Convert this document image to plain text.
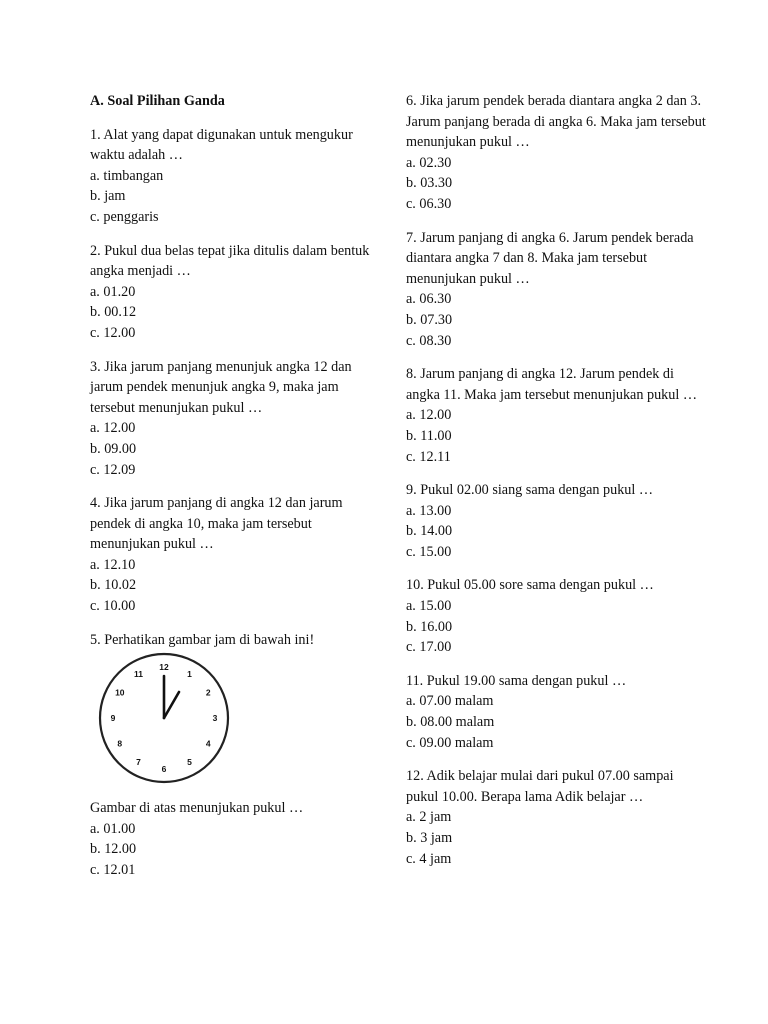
A. Soal Pilihan Ganda
1. Alat yang dapat digunakan untuk mengukur waktu adalah …
a. timbangan
b. jam
c. penggaris
2. Pukul dua belas tepat jika ditulis dalam bentuk angka menjadi …
a. 01.20
b. 00.12
c. 12.00
3. Jika jarum panjang menunjuk angka 12 dan jarum pendek menunjuk angka 9, maka jam tersebut menunjukan pukul …
a. 12.00
b. 09.00
c. 12.09
4. Jika jarum panjang di angka 12 dan jarum pendek di angka 10, maka jam tersebut menunjukan pukul …
a. 12.10
b. 10.02
c. 10.00
5. Perhatikan gambar jam di bawah ini!
12
1
2
3
4
5
6
7
8
9
10
11
Gambar di atas menunjukan pukul …
a. 01.00
b. 12.00
c. 12.01
6. Jika jarum pendek berada diantara angka 2 dan 3. Jarum panjang berada di angka 6. Maka jam tersebut menunjukan pukul …
a. 02.30
b. 03.30
c. 06.30
7. Jarum panjang di angka 6. Jarum pendek berada diantara angka 7 dan 8. Maka jam tersebut menunjukan pukul …
a. 06.30
b. 07.30
c. 08.30
8. Jarum panjang di angka 12. Jarum pendek di angka 11. Maka jam tersebut menunjukan pukul …
a. 12.00
b. 11.00
c. 12.11
9. Pukul 02.00 siang sama dengan pukul …
a. 13.00
b. 14.00
c. 15.00
10. Pukul 05.00 sore sama dengan pukul …
a. 15.00
b. 16.00
c. 17.00
11. Pukul 19.00 sama dengan pukul …
a. 07.00 malam
b. 08.00 malam
c. 09.00 malam
12. Adik belajar mulai dari pukul 07.00 sampai pukul 10.00. Berapa lama Adik belajar …
a. 2 jam
b. 3 jam
c. 4 jam
